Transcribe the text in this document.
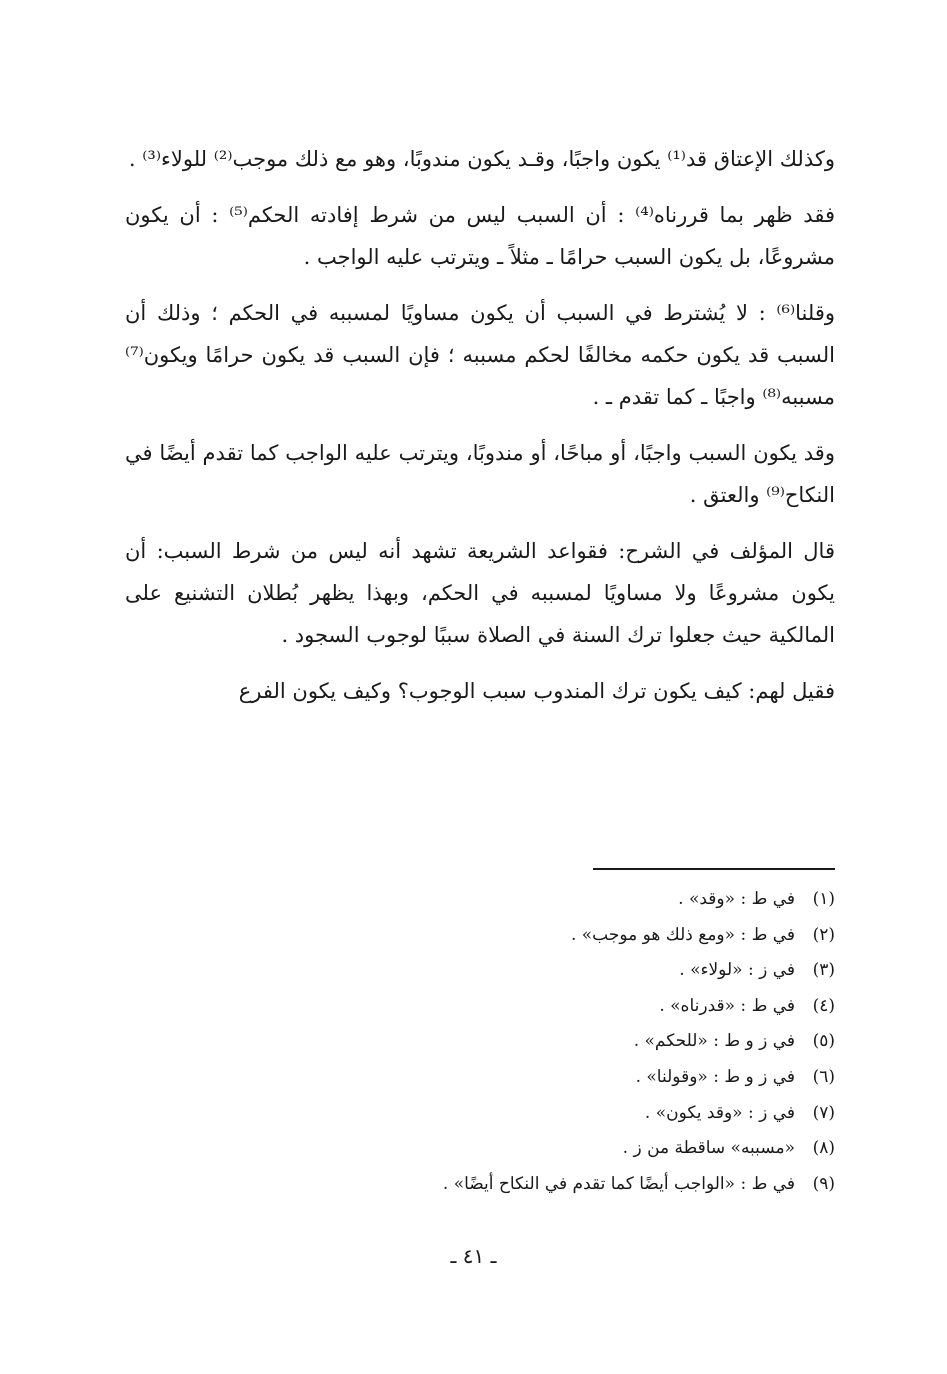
وكذلك الإعتاق قد⁽¹⁾ يكون واجبًا، وقـد يكون مندوبًا، وهو مع ذلك موجب⁽²⁾ للولاء⁽³⁾ .

فقد ظهر بما قررناه⁽⁴⁾ : أن السبب ليس من شرط إفادته الحكم⁽⁵⁾ : أن يكون مشروعًا، بل يكون السبب حرامًا ـ مثلاً ـ ويترتب عليه الواجب .

وقلنا⁽⁶⁾ : لا يُشترط في السبب أن يكون مساويًا لمسببه في الحكم ؛ وذلك أن السبب قد يكون حكمه مخالفًا لحكم مسببه ؛ فإن السبب قد يكون حرامًا ويكون⁽⁷⁾ مسببه⁽⁸⁾ واجبًا ـ كما تقدم ـ .

وقد يكون السبب واجبًا، أو مباحًا، أو مندوبًا، ويترتب عليه الواجب كما تقدم أيضًا في النكاح⁽⁹⁾ والعتق .

قال المؤلف في الشرح: فقواعد الشريعة تشهد أنه ليس من شرط السبب: أن يكون مشروعًا ولا مساويًا لمسببه في الحكم، وبهذا يظهر بُطلان التشنيع على المالكية حيث جعلوا ترك السنة في الصلاة سببًا لوجوب السجود .

فقيل لهم: كيف يكون ترك المندوب سبب الوجوب؟ وكيف يكون الفرع

(١)في ط : «وقد» .
(٢)في ط : «ومع ذلك هو موجب» .
(٣)في ز : «لولاء» .
(٤)في ط : «قدرناه» .
(٥)في ز و ط : «للحكم» .
(٦)في ز و ط : «وقولنا» .
(٧)في ز : «وقد يكون» .
(٨)«مسببه» ساقطة من ز .
(٩)في ط : «الواجب أيضًا كما تقدم في النكاح أيضًا» .
ـ ٤١ ـ
